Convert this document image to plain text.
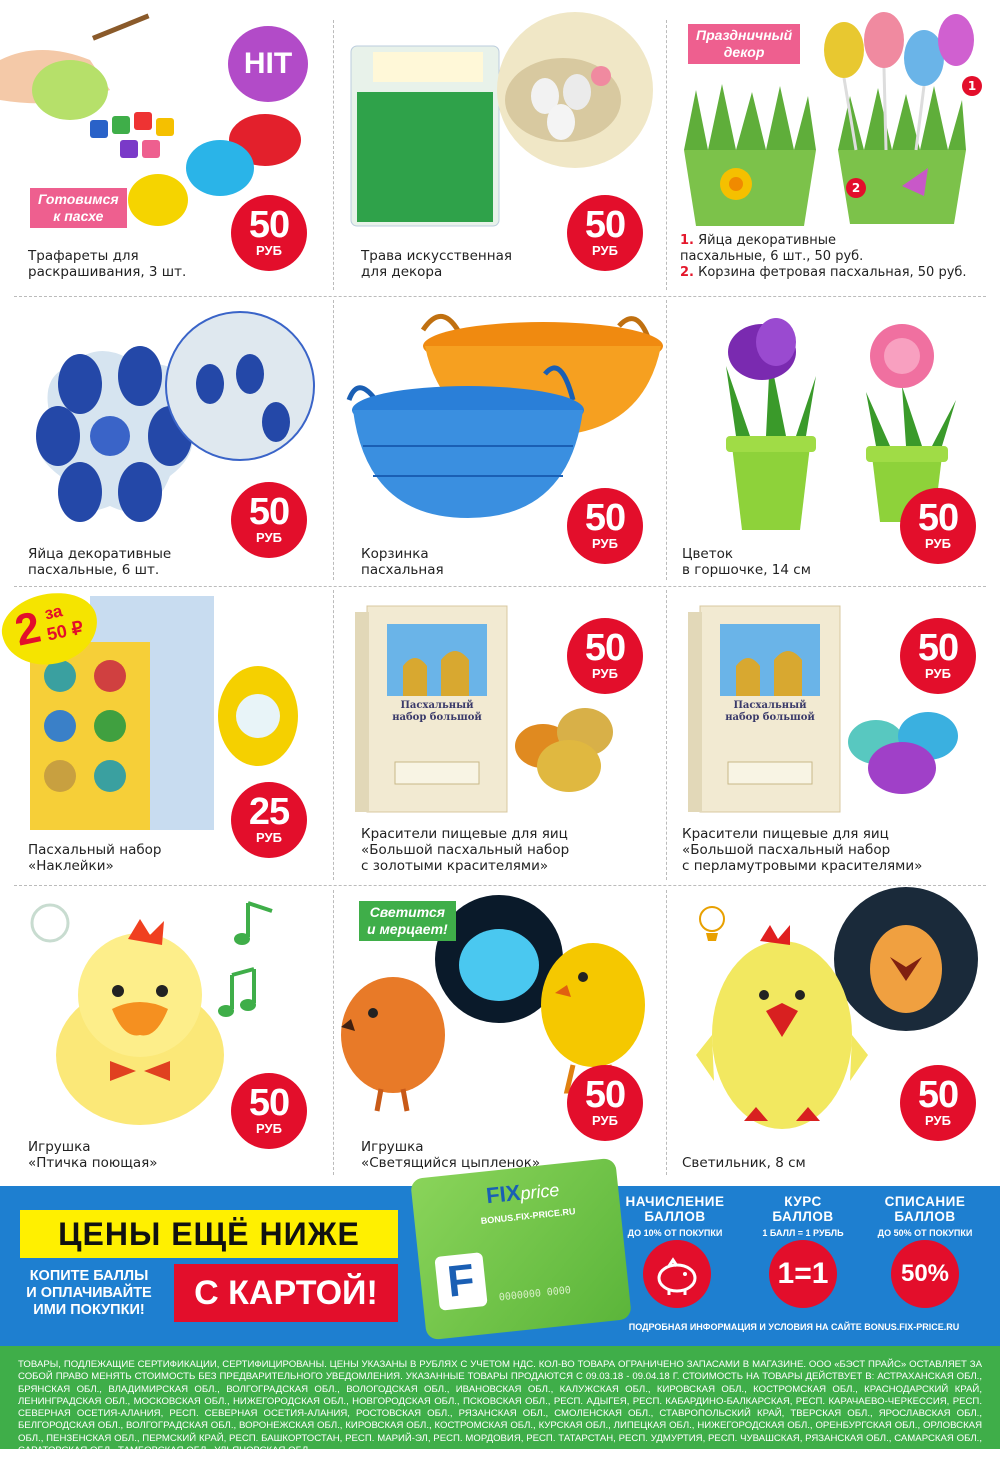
HIT
Готовимся
к пасхе
Трафареты для
раскрашивания, 3 шт.
50
РУБ	Трава искусственная
для декора
50
РУБ
Праздничный
декор
1
2
1. Яйца декоративные
пасхальные, 6 шт., 50 руб.
2. Корзина фетровая пасхальная, 50 руб.
Яйца декоративные
пасхальные, 6 шт.
50
РУБ
Корзинка
пасхальная
50
РУБ
Цветок
в горшочке, 14 см
50
РУБ
2
за
50 ₽
Пасхальный набор
«Наклейки»
25
РУБ
Пасхальный набор большой
Красители пищевые для яиц
«Большой пасхальный набор
с золотыми красителями»
50
РУБ
Пасхальный набор большой
Красители пищевые для яиц
«Большой пасхальный набор
с перламутровыми красителями»
50
РУБ
Игрушка
«Птичка поющая»
50
РУБ
Светится
и мерцает!
Игрушка
«Светящийся цыпленок»
50
РУБ
Светильник, 8 см
50
РУБ
ЦЕНЫ ЕЩЁ НИЖЕ
КОПИТЕ БАЛЛЫ
И ОПЛАЧИВАЙТЕ
ИМИ ПОКУПКИ!	С КАРТОЙ!
НАЧИСЛЕНИЕ
БАЛЛОВ
ДО 10% ОТ ПОКУПКИ
КУРС
БАЛЛОВ
1 БАЛЛ = 1 РУБЛЬ
1=1
СПИСАНИЕ
БАЛЛОВ
ДО 50% ОТ ПОКУПКИ
50%
ПОДРОБНАЯ ИНФОРМАЦИЯ И УСЛОВИЯ НА САЙТЕ BONUS.FIX-PRICE.RU
FIXprice
BONUS.FIX-PRICE.RU
F	0000000 0000
ТОВАРЫ, ПОДЛЕЖАЩИЕ СЕРТИФИКАЦИИ, СЕРТИФИЦИРОВАНЫ. ЦЕНЫ УКАЗАНЫ В РУБЛЯХ С УЧЕТОМ НДС. КОЛ-ВО ТОВАРА ОГРАНИЧЕНО ЗАПАСАМИ В МАГАЗИНЕ. ООО «БЭСТ ПРАЙС» ОСТАВЛЯЕТ ЗА СОБОЙ ПРАВО МЕНЯТЬ СТОИМОСТЬ БЕЗ ПРЕДВАРИТЕЛЬНОГО УВЕДОМЛЕНИЯ. УКАЗАННЫЕ ТОВАРЫ ПРОДАЮТСЯ С 09.03.18 - 09.04.18 Г. СТОИМОСТЬ НА ТОВАРЫ ДЕЙСТВУЕТ В: АСТРАХАНСКАЯ ОБЛ., БРЯНСКАЯ ОБЛ., ВЛАДИМИРСКАЯ ОБЛ., ВОЛГОГРАДСКАЯ ОБЛ., ВОЛОГОДСКАЯ ОБЛ., ИВАНОВСКАЯ ОБЛ., КАЛУЖСКАЯ ОБЛ., КИРОВСКАЯ ОБЛ., КОСТРОМСКАЯ ОБЛ., КРАСНОДАРСКИЙ КРАЙ, ЛЕНИНГРАДСКАЯ ОБЛ., МОСКОВСКАЯ ОБЛ., НИЖЕГОРОДСКАЯ ОБЛ., НОВГОРОДСКАЯ ОБЛ., ПСКОВСКАЯ ОБЛ., РЕСП. АДЫГЕЯ, РЕСП. КАБАРДИНО-БАЛКАРСКАЯ, РЕСП. КАРАЧАЕВО-ЧЕРКЕССИЯ, РЕСП. СЕВЕРНАЯ ОСЕТИЯ-АЛАНИЯ, РЕСП. СЕВЕРНАЯ ОСЕТИЯ-АЛАНИЯ, РОСТОВСКАЯ ОБЛ., РЯЗАНСКАЯ ОБЛ., СМОЛЕНСКАЯ ОБЛ., СТАВРОПОЛЬСКИЙ КРАЙ, ТВЕРСКАЯ ОБЛ., ЯРОСЛАВСКАЯ ОБЛ., БЕЛГОРОДСКАЯ ОБЛ., ВОЛГОГРАДСКАЯ ОБЛ., ВОРОНЕЖСКАЯ ОБЛ., КИРОВСКАЯ ОБЛ., КОСТРОМСКАЯ ОБЛ., КУРСКАЯ ОБЛ., ЛИПЕЦКАЯ ОБЛ., НИЖЕГОРОДСКАЯ ОБЛ., ОРЕНБУРГСКАЯ ОБЛ., ОРЛОВСКАЯ ОБЛ., ПЕНЗЕНСКАЯ ОБЛ., ПЕРМСКИЙ КРАЙ, РЕСП. БАШКОРТОСТАН, РЕСП. МАРИЙ-ЭЛ, РЕСП. МОРДОВИЯ, РЕСП. ТАТАРСТАН, РЕСП. УДМУРТИЯ, РЕСП. ЧУВАШСКАЯ, РЯЗАНСКАЯ ОБЛ., САМАРСКАЯ ОБЛ., САРАТОВСКАЯ ОБЛ., ТАМБОВСКАЯ ОБЛ., УЛЬЯНОВСКАЯ ОБЛ.
